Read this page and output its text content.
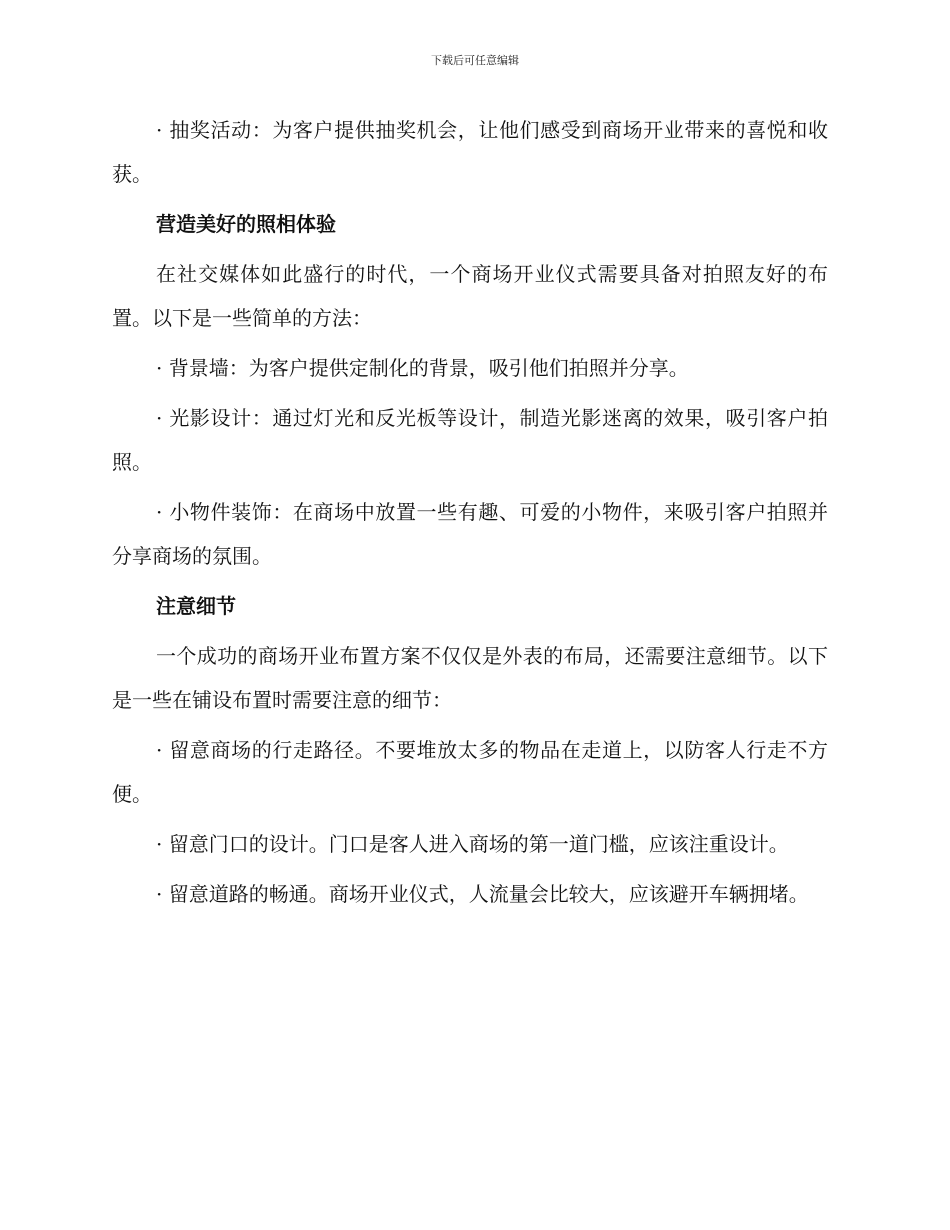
下载后可任意编辑

· 抽奖活动：为客户提供抽奖机会，让他们感受到商场开业带来的喜悦和收获。

营造美好的照相体验

在社交媒体如此盛行的时代，一个商场开业仪式需要具备对拍照友好的布置。以下是一些简单的方法：

· 背景墙：为客户提供定制化的背景，吸引他们拍照并分享。

· 光影设计：通过灯光和反光板等设计，制造光影迷离的效果，吸引客户拍照。

· 小物件装饰：在商场中放置一些有趣、可爱的小物件，来吸引客户拍照并分享商场的氛围。

注意细节

一个成功的商场开业布置方案不仅仅是外表的布局，还需要注意细节。以下是一些在铺设布置时需要注意的细节：

· 留意商场的行走路径。不要堆放太多的物品在走道上，以防客人行走不方便。

· 留意门口的设计。门口是客人进入商场的第一道门槛，应该注重设计。

· 留意道路的畅通。商场开业仪式，人流量会比较大，应该避开车辆拥堵。
